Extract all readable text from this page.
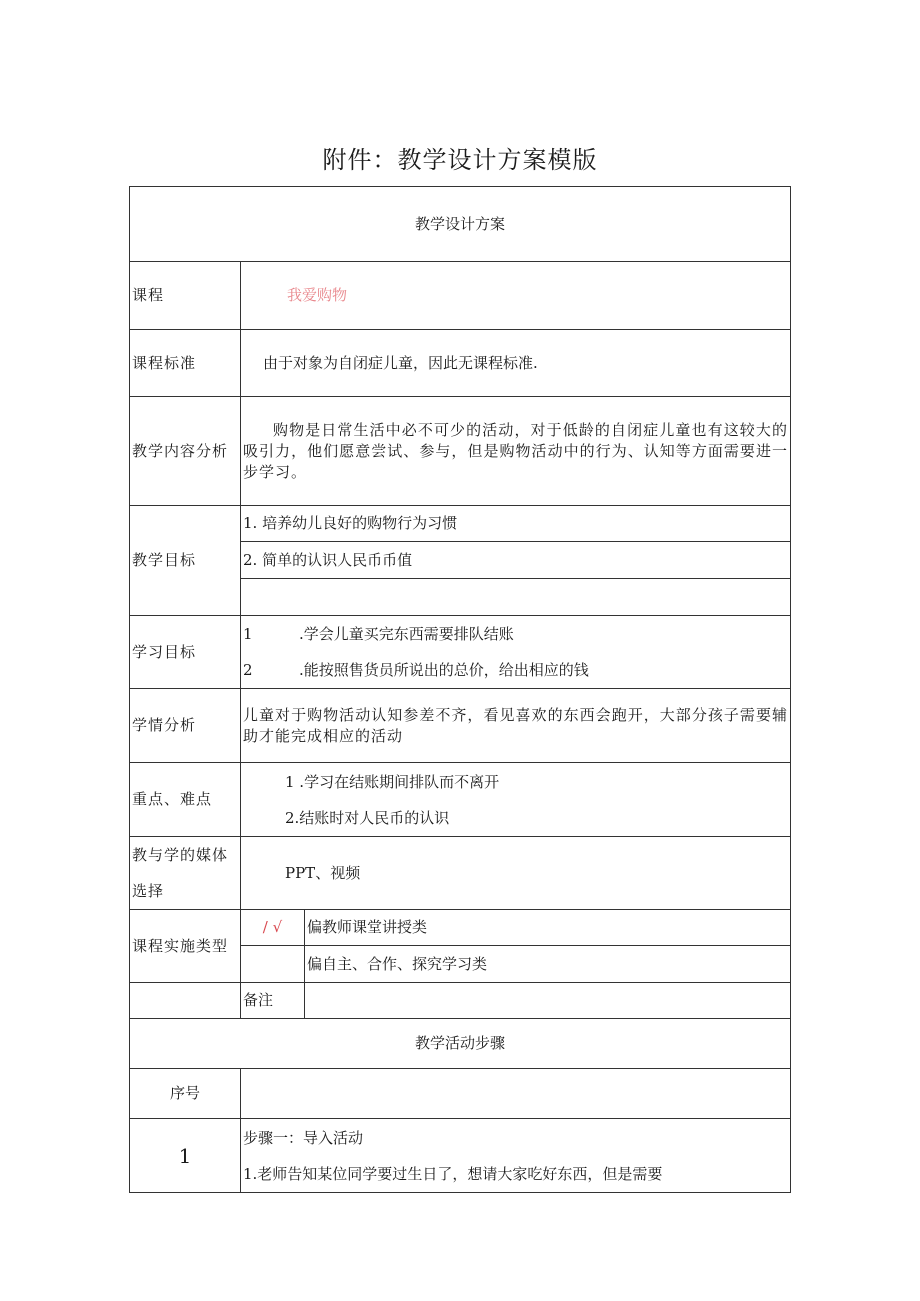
附件：教学设计方案模版
教学设计方案		
课程	我爱购物	
课程标准	由于对象为自闭症儿童，因此无课程标准.	
教学内容分析	购物是日常生活中必不可少的活动，对于低龄的自闭症儿童也有这较大的吸引力，他们愿意尝试、参与，但是购物活动中的行为、认知等方面需要进一步学习。	
教学目标	1. 培养幼儿良好的购物行为习惯	
	2. 简单的认识人民币币值	

学习目标	1 .学会儿童买完东西需要排队结账
2 .能按照售货员所说出的总价，给出相应的钱	

学情分析	儿童对于购物活动认知参差不齐，看见喜欢的东西会跑开，大部分孩子需要辅助才能完成相应的活动	
重点、难点	1 .学习在结账期间排队而不离开
2.结账时对人民币的认识	

教与学的媒体选择	PPT、视频	
课程实施类型	/ √	偏教师课堂讲授类
		偏自主、合作、探究学习类
	备注	
教学活动步骤		
序号		
1	步骤一：导入活动
1.老师告知某位同学要过生日了，想请大家吃好东西，但是需要	
